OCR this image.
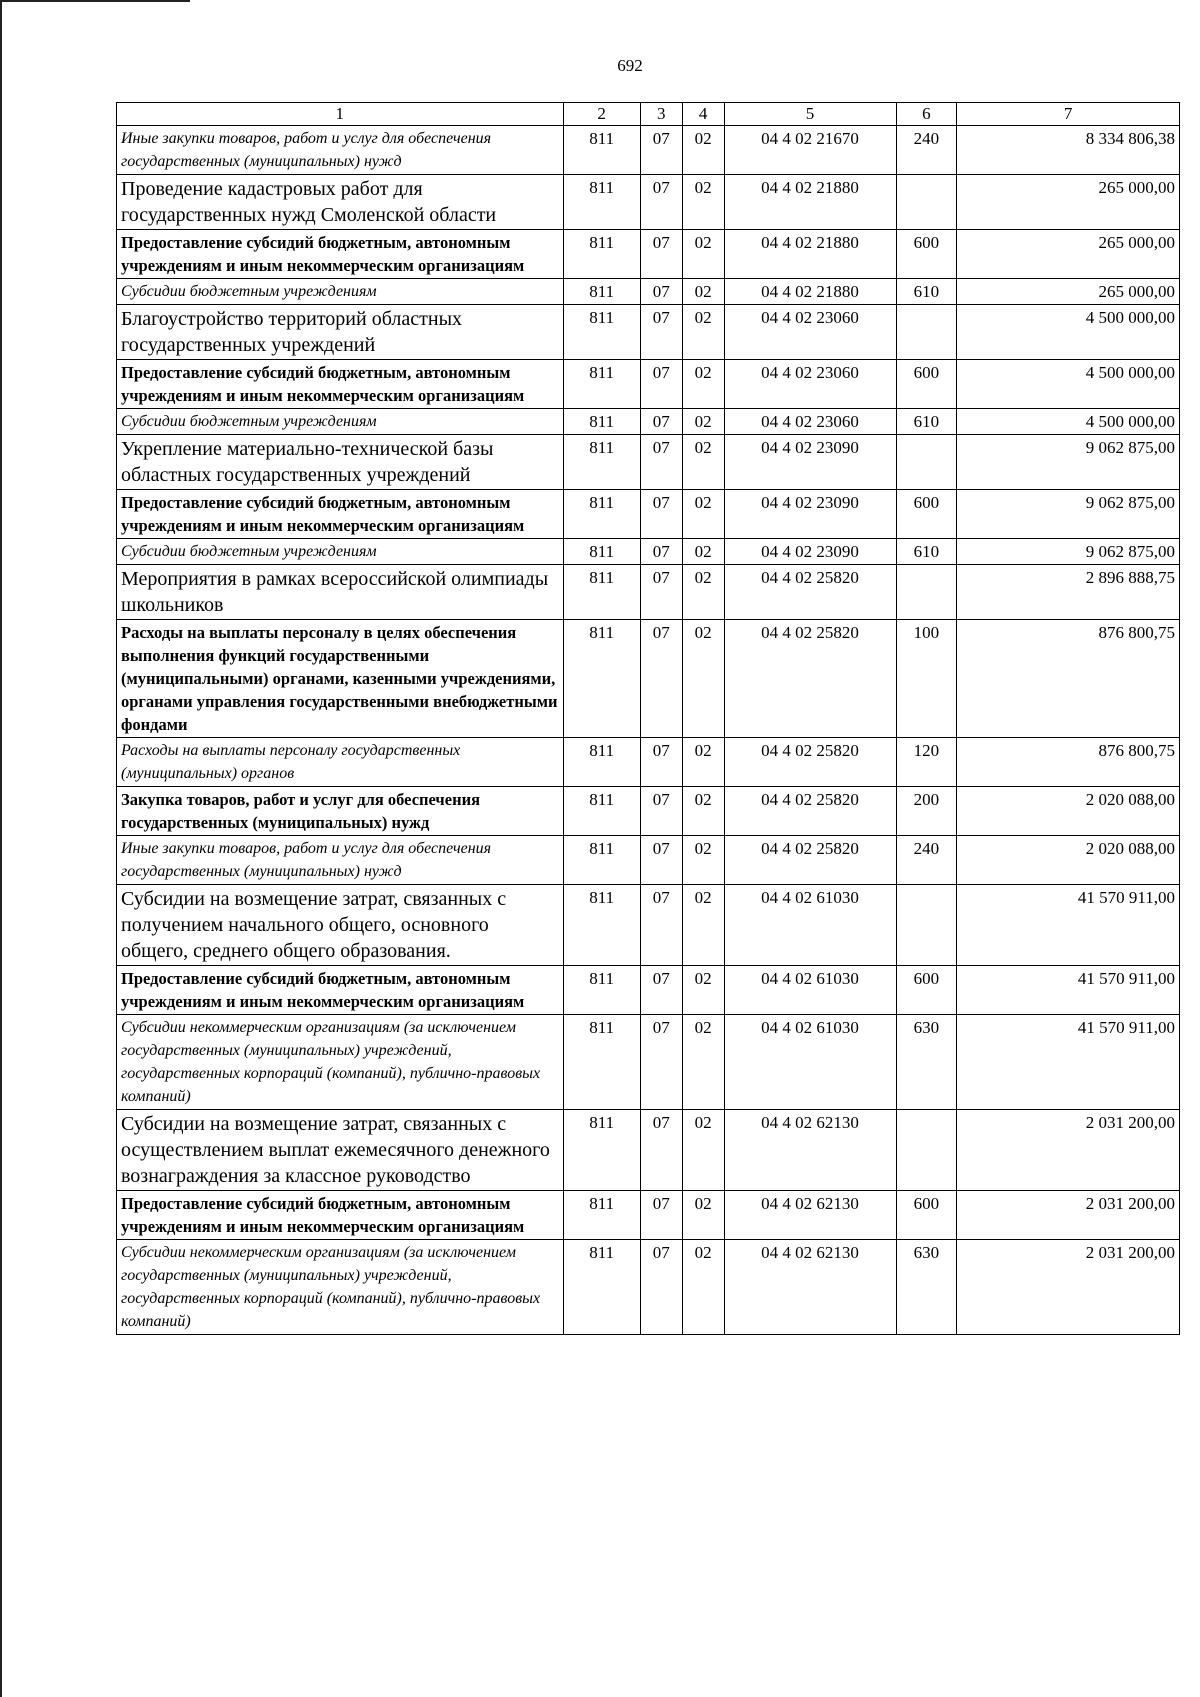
692
1	2	3	4	5	6	7
Иные закупки товаров, работ и услуг для обеспечения государственных (муниципальных) нужд	811	07	02	04 4 02 21670	240	8 334 806,38
Проведение кадастровых работ для государственных нужд Смоленской области	811	07	02	04 4 02 21880		265 000,00
Предоставление субсидий бюджетным, автономным учреждениям и иным некоммерческим организациям	811	07	02	04 4 02 21880	600	265 000,00
Субсидии бюджетным учреждениям	811	07	02	04 4 02 21880	610	265 000,00
Благоустройство территорий областных государственных учреждений	811	07	02	04 4 02 23060		4 500 000,00
Предоставление субсидий бюджетным, автономным учреждениям и иным некоммерческим организациям	811	07	02	04 4 02 23060	600	4 500 000,00
Субсидии бюджетным учреждениям	811	07	02	04 4 02 23060	610	4 500 000,00
Укрепление материально-технической базы областных государственных учреждений	811	07	02	04 4 02 23090		9 062 875,00
Предоставление субсидий бюджетным, автономным учреждениям и иным некоммерческим организациям	811	07	02	04 4 02 23090	600	9 062 875,00
Субсидии бюджетным учреждениям	811	07	02	04 4 02 23090	610	9 062 875,00
Мероприятия в рамках всероссийской олимпиады школьников	811	07	02	04 4 02 25820		2 896 888,75
Расходы на выплаты персоналу в целях обеспечения выполнения функций государственными (муниципальными) органами, казенными учреждениями, органами управления государственными внебюджетными фондами	811	07	02	04 4 02 25820	100	876 800,75
Расходы на выплаты персоналу государственных (муниципальных) органов	811	07	02	04 4 02 25820	120	876 800,75
Закупка товаров, работ и услуг для обеспечения государственных (муниципальных) нужд	811	07	02	04 4 02 25820	200	2 020 088,00
Иные закупки товаров, работ и услуг для обеспечения государственных (муниципальных) нужд	811	07	02	04 4 02 25820	240	2 020 088,00
Субсидии на возмещение затрат, связанных с получением начального общего, основного общего, среднего общего образования.	811	07	02	04 4 02 61030		41 570 911,00
Предоставление субсидий бюджетным, автономным учреждениям и иным некоммерческим организациям	811	07	02	04 4 02 61030	600	41 570 911,00
Субсидии некоммерческим организациям (за исключением государственных (муниципальных) учреждений, государственных корпораций (компаний), публично-правовых компаний)	811	07	02	04 4 02 61030	630	41 570 911,00
Субсидии на возмещение затрат, связанных с осуществлением выплат ежемесячного денежного вознаграждения за классное руководство	811	07	02	04 4 02 62130		2 031 200,00
Предоставление субсидий бюджетным, автономным учреждениям и иным некоммерческим организациям	811	07	02	04 4 02 62130	600	2 031 200,00
Субсидии некоммерческим организациям (за исключением государственных (муниципальных) учреждений, государственных корпораций (компаний), публично-правовых компаний)	811	07	02	04 4 02 62130	630	2 031 200,00
